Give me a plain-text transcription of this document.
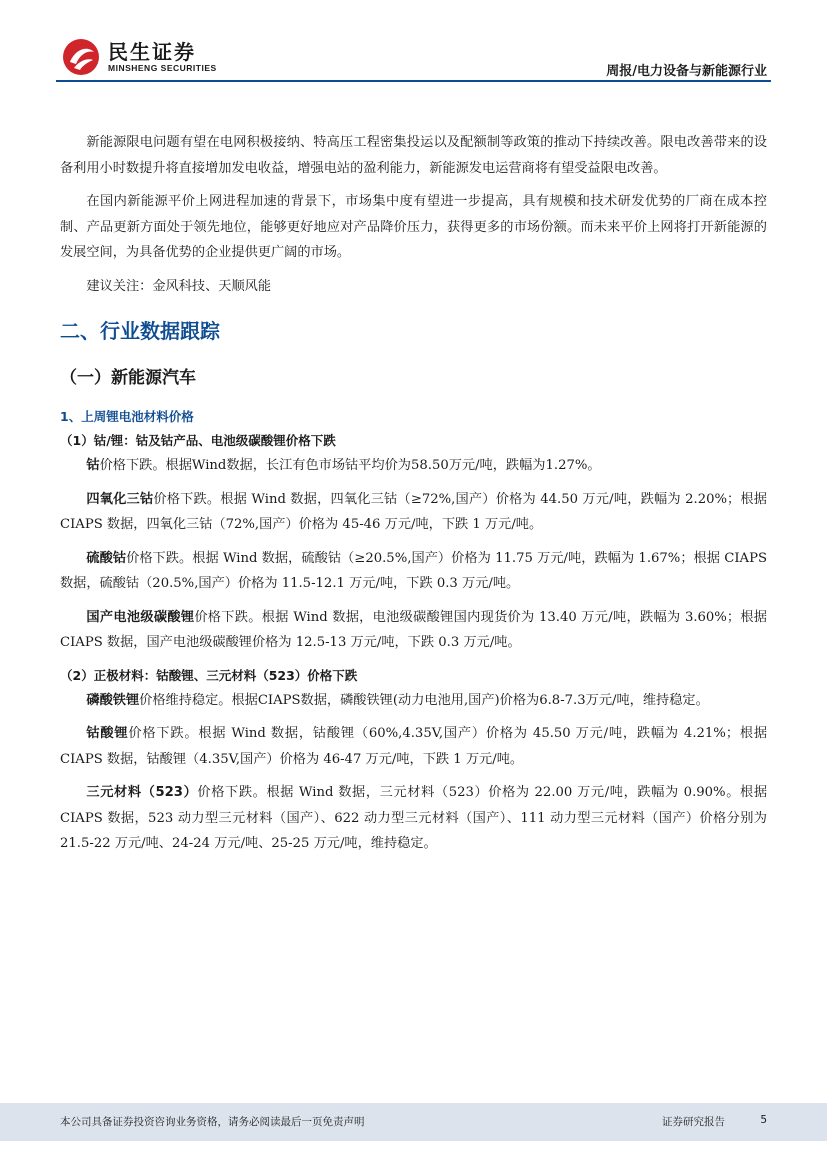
民生证券
MINSHENG SECURITIES	周报/电力设备与新能源行业

新能源限电问题有望在电网积极接纳、特高压工程密集投运以及配额制等政策的推动下持续改善。限电改善带来的设备利用小时数提升将直接增加发电收益，增强电站的盈利能力，新能源发电运营商将有望受益限电改善。

在国内新能源平价上网进程加速的背景下，市场集中度有望进一步提高，具有规模和技术研发优势的厂商在成本控制、产品更新方面处于领先地位，能够更好地应对产品降价压力，获得更多的市场份额。而未来平价上网将打开新能源的发展空间，为具备优势的企业提供更广阔的市场。

建议关注：金风科技、天顺风能

二、行业数据跟踪
（一）新能源汽车
1、上周锂电池材料价格
（1）钴/锂：钴及钴产品、电池级碳酸锂价格下跌

钴价格下跌。根据Wind数据，长江有色市场钴平均价为58.50万元/吨，跌幅为1.27%。

四氧化三钴价格下跌。根据 Wind 数据，四氧化三钴（≥72%,国产）价格为 44.50 万元/吨，跌幅为 2.20%；根据 CIAPS 数据，四氧化三钴（72%,国产）价格为 45-46 万元/吨，下跌 1 万元/吨。

硫酸钴价格下跌。根据 Wind 数据，硫酸钴（≥20.5%,国产）价格为 11.75 万元/吨，跌幅为 1.67%；根据 CIAPS 数据，硫酸钴（20.5%,国产）价格为 11.5-12.1 万元/吨，下跌 0.3 万元/吨。

国产电池级碳酸锂价格下跌。根据 Wind 数据，电池级碳酸锂国内现货价为 13.40 万元/吨，跌幅为 3.60%；根据 CIAPS 数据，国产电池级碳酸锂价格为 12.5-13 万元/吨，下跌 0.3 万元/吨。

（2）正极材料：钴酸锂、三元材料（523）价格下跌

磷酸铁锂价格维持稳定。根据CIAPS数据，磷酸铁锂(动力电池用,国产)价格为6.8-7.3万元/吨，维持稳定。

钴酸锂价格下跌。根据 Wind 数据，钴酸锂（60%,4.35V,国产）价格为 45.50 万元/吨，跌幅为 4.21%；根据 CIAPS 数据，钴酸锂（4.35V,国产）价格为 46-47 万元/吨，下跌 1 万元/吨。

三元材料（523）价格下跌。根据 Wind 数据，三元材料（523）价格为 22.00 万元/吨，跌幅为 0.90%。根据 CIAPS 数据，523 动力型三元材料（国产）、622 动力型三元材料（国产）、111 动力型三元材料（国产）价格分别为 21.5-22 万元/吨、24-24 万元/吨、25-25 万元/吨，维持稳定。

本公司具备证券投资咨询业务资格，请务必阅读最后一页免责声明	证券研究报告	5
